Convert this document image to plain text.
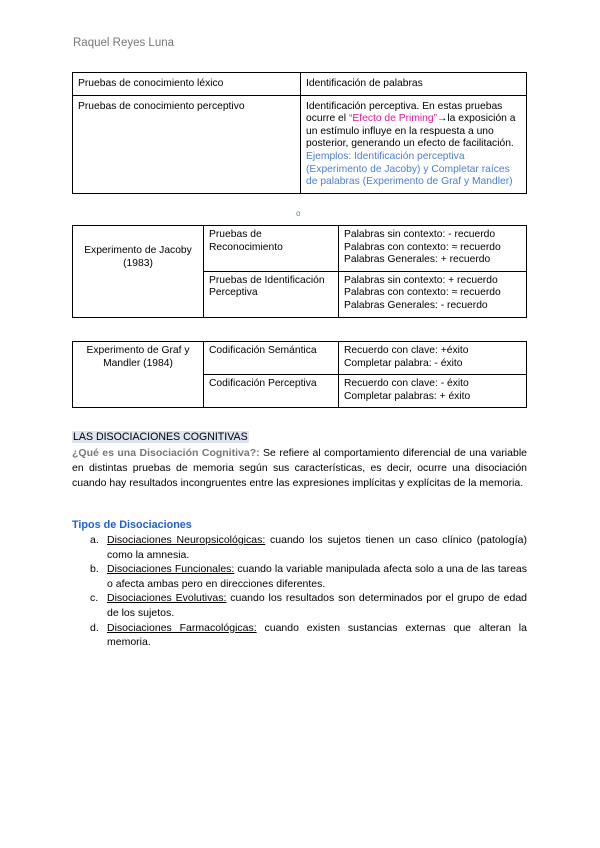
Raquel Reyes Luna
Pruebas de conocimiento léxico	Identificación de palabras
Pruebas de conocimiento perceptivo	Identificación perceptiva. En estas pruebas ocurre el “Efecto de Priming”→la exposición a un estímulo influye en la respuesta a uno posterior, generando un efecto de facilitación. Ejemplos: Identificación perceptiva (Experimento de Jacoby) y Completar raíces de palabras (Experimento de Graf y Mandler)
o
Experimento de Jacoby (1983)	Pruebas de Reconocimiento	Palabras sin contexto: - recuerdo
Palabras con contexto: ≈ recuerdo
Palabras Generales: + recuerdo

	Pruebas de Identificación Perceptiva	Palabras sin contexto: + recuerdo
Palabras con contexto: ≈ recuerdo
Palabras Generales: - recuerdo
Experimento de Graf y Mandler (1984)	Codificación Semántica	Recuerdo con clave: +éxito
Completar palabra: - éxito

	Codificación Perceptiva	Recuerdo con clave: - éxito
Completar palabras: + éxito
LAS DISOCIACIONES COGNITIVAS
¿Qué es una Disociación Cognitiva?: Se refiere al comportamiento diferencial de una variable en distintas pruebas de memoria según sus características, es decir, ocurre una disociación cuando hay resultados incongruentes entre las expresiones implícitas y explícitas de la memoria.
Tipos de Disociaciones
a. Disociaciones Neuropsicológicas: cuando los sujetos tienen un caso clínico (patología) como la amnesia.
b. Disociaciones Funcionales: cuando la variable manipulada afecta solo a una de las tareas o afecta ambas pero en direcciones diferentes.
c. Disociaciones Evolutivas: cuando los resultados son determinados por el grupo de edad de los sujetos.
d. Disociaciones Farmacológicas: cuando existen sustancias externas que alteran la memoria.
